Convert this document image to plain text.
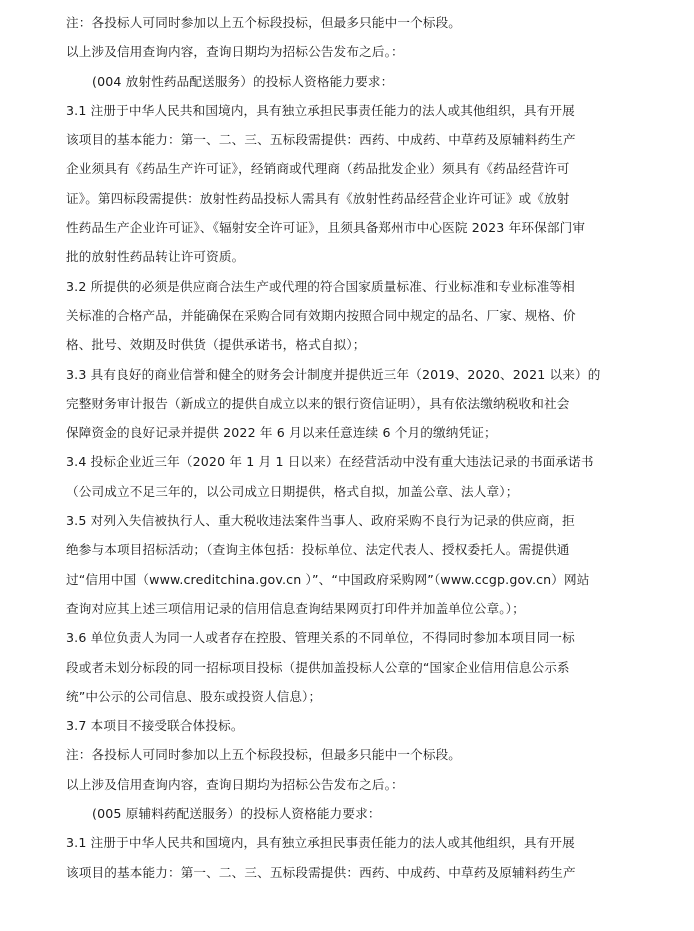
注：各投标人可同时参加以上五个标段投标，但最多只能中一个标段。
以上涉及信用查询内容，查询日期均为招标公告发布之后。：
(004 放射性药品配送服务）的投标人资格能力要求：
3.1 注册于中华人民共和国境内，具有独立承担民事责任能力的法人或其他组织，具有开展
该项目的基本能力：第一、二、三、五标段需提供：西药、中成药、中草药及原辅料药生产
企业须具有《药品生产许可证》，经销商或代理商（药品批发企业）须具有《药品经营许可
证》。第四标段需提供：放射性药品投标人需具有《放射性药品经营企业许可证》或《放射
性药品生产企业许可证》、《辐射安全许可证》，且须具备郑州市中心医院 2023 年环保部门审
批的放射性药品转让许可资质。
3.2 所提供的必须是供应商合法生产或代理的符合国家质量标准、行业标准和专业标准等相
关标准的合格产品，并能确保在采购合同有效期内按照合同中规定的品名、厂家、规格、价
格、批号、效期及时供货（提供承诺书，格式自拟）；
3.3 具有良好的商业信誉和健全的财务会计制度并提供近三年（2019、2020、2021 以来）的
完整财务审计报告（新成立的提供自成立以来的银行资信证明），具有依法缴纳税收和社会
保障资金的良好记录并提供 2022 年 6 月以来任意连续 6 个月的缴纳凭证；
3.4 投标企业近三年（2020 年 1 月 1 日以来）在经营活动中没有重大违法记录的书面承诺书
（公司成立不足三年的，以公司成立日期提供，格式自拟，加盖公章、法人章）；
3.5 对列入失信被执行人、重大税收违法案件当事人、政府采购不良行为记录的供应商，拒
绝参与本项目招标活动；（查询主体包括：投标单位、法定代表人、授权委托人。需提供通
过“信用中国（www.creditchina.gov.cn ）”、“中国政府采购网”（www.ccgp.gov.cn）网站
查询对应其上述三项信用记录的信用信息查询结果网页打印件并加盖单位公章。）；
3.6 单位负责人为同一人或者存在控股、管理关系的不同单位，不得同时参加本项目同一标
段或者未划分标段的同一招标项目投标（提供加盖投标人公章的“国家企业信用信息公示系
统”中公示的公司信息、股东或投资人信息）；
3.7 本项目不接受联合体投标。
注：各投标人可同时参加以上五个标段投标，但最多只能中一个标段。
以上涉及信用查询内容，查询日期均为招标公告发布之后。：
(005 原辅料药配送服务）的投标人资格能力要求：
3.1 注册于中华人民共和国境内，具有独立承担民事责任能力的法人或其他组织，具有开展
该项目的基本能力：第一、二、三、五标段需提供：西药、中成药、中草药及原辅料药生产
